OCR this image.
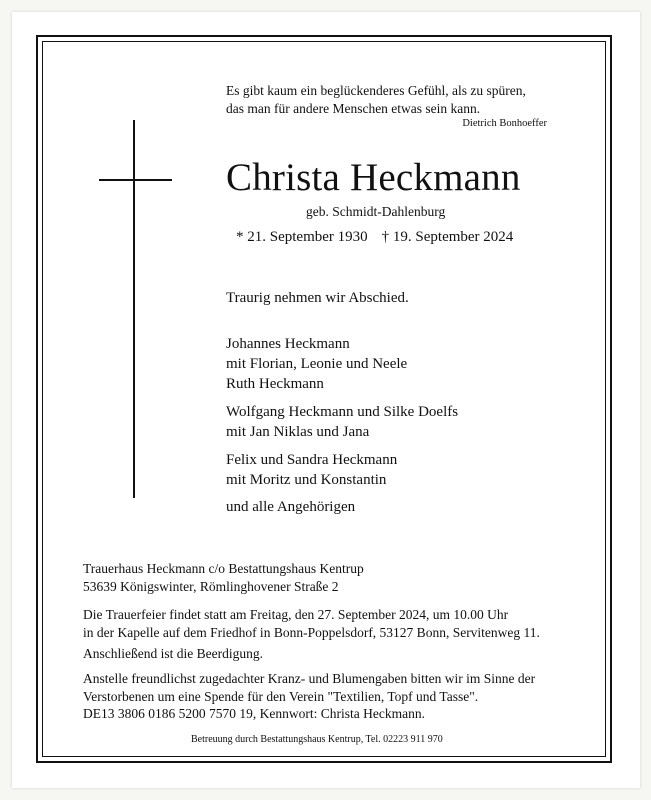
Es gibt kaum ein beglückenderes Gefühl, als zu spüren,
das man für andere Menschen etwas sein kann.
Dietrich Bonhoeffer
Christa Heckmann
geb. Schmidt-Dahlenburg
* 21. September 1930 † 19. September 2024
Traurig nehmen wir Abschied.
Johannes Heckmann
mit Florian, Leonie und Neele
Ruth Heckmann
Wolfgang Heckmann und Silke Doelfs
mit Jan Niklas und Jana
Felix und Sandra Heckmann
mit Moritz und Konstantin
und alle Angehörigen
Trauerhaus Heckmann c/o Bestattungshaus Kentrup
53639 Königswinter, Römlinghovener Straße 2
Die Trauerfeier findet statt am Freitag, den 27. September 2024, um 10.00 Uhr
in der Kapelle auf dem Friedhof in Bonn-Poppelsdorf, 53127 Bonn, Servitenweg 11.
Anschließend ist die Beerdigung.
Anstelle freundlichst zugedachter Kranz- und Blumengaben bitten wir im Sinne der
Verstorbenen um eine Spende für den Verein "Textilien, Topf und Tasse".
DE13 3806 0186 5200 7570 19, Kennwort: Christa Heckmann.
Betreuung durch Bestattungshaus Kentrup, Tel. 02223 911 970
